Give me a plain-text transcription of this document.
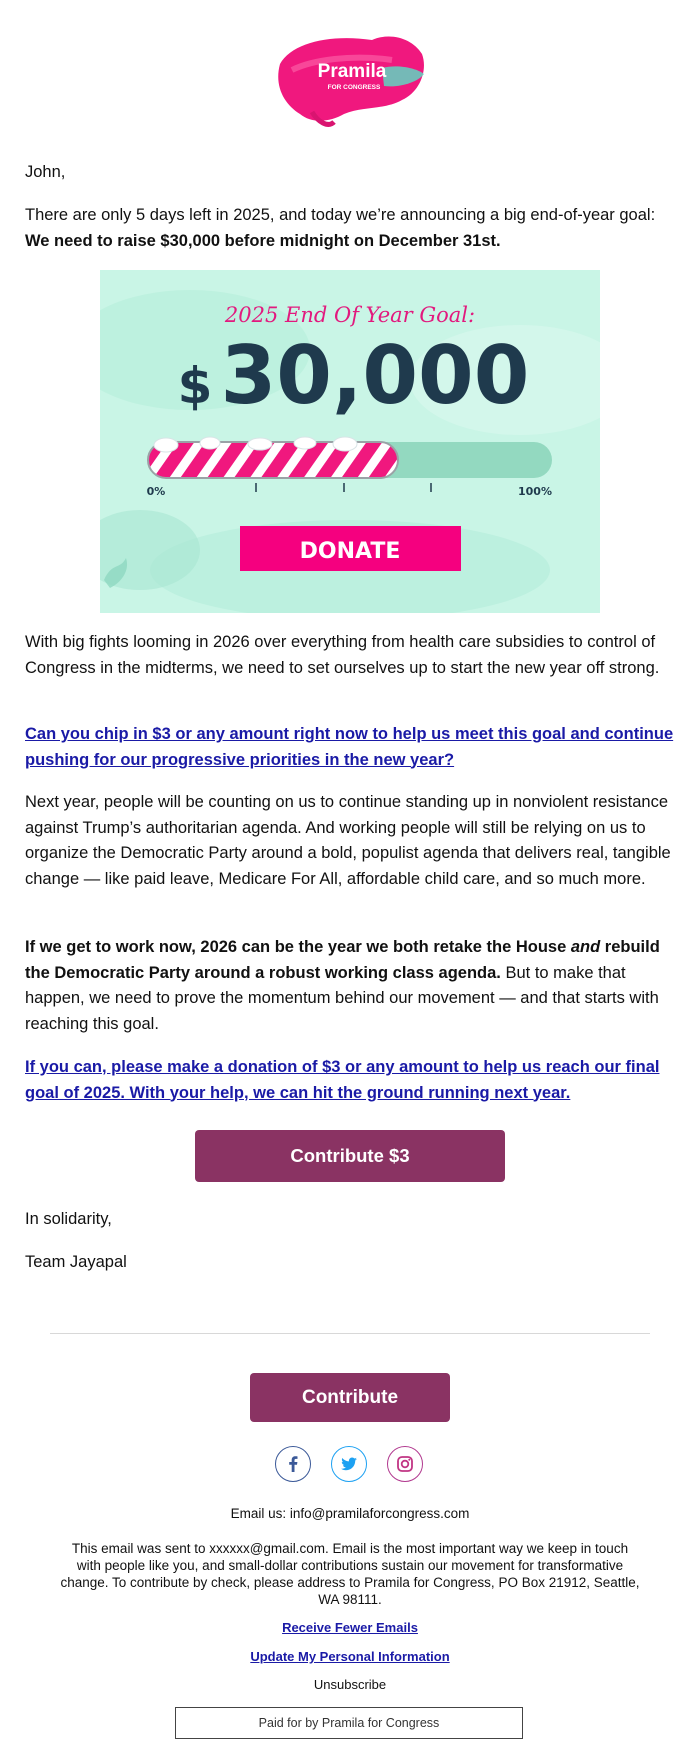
Pramila
FOR CONGRESS
John,
There are only 5 days left in 2025, and today we’re announcing a big end-of-year goal: We need to raise $30,000 before midnight on December 31st.
2025 End Of Year Goal:
$ 30,000
0%	100%
DONATE
With big fights looming in 2026 over everything from health care subsidies to control of Congress in the midterms, we need to set ourselves up to start the new year off strong.
Can you chip in $3 or any amount right now to help us meet this goal and continue pushing for our progressive priorities in the new year?
Next year, people will be counting on us to continue standing up in nonviolent resistance against Trump’s authoritarian agenda. And working people will still be relying on us to organize the Democratic Party around a bold, populist agenda that delivers real, tangible change — like paid leave, Medicare For All, affordable child care, and so much more.
If we get to work now, 2026 can be the year we both retake the House and rebuild the Democratic Party around a robust working class agenda. But to make that happen, we need to prove the momentum behind our movement — and that starts with reaching this goal.
If you can, please make a donation of $3 or any amount to help us reach our final goal of 2025. With your help, we can hit the ground running next year.
Contribute $3
In solidarity,
Team Jayapal
Contribute
Email us: info@pramilaforcongress.com
This email was sent to xxxxxx@gmail.com. Email is the most important way we keep in touch with people like you, and small-dollar contributions sustain our movement for transformative change. To contribute by check, please address to Pramila for Congress, PO Box 21912, Seattle, WA 98111.
Receive Fewer Emails
Update My Personal Information
Unsubscribe
Paid for by Pramila for Congress
